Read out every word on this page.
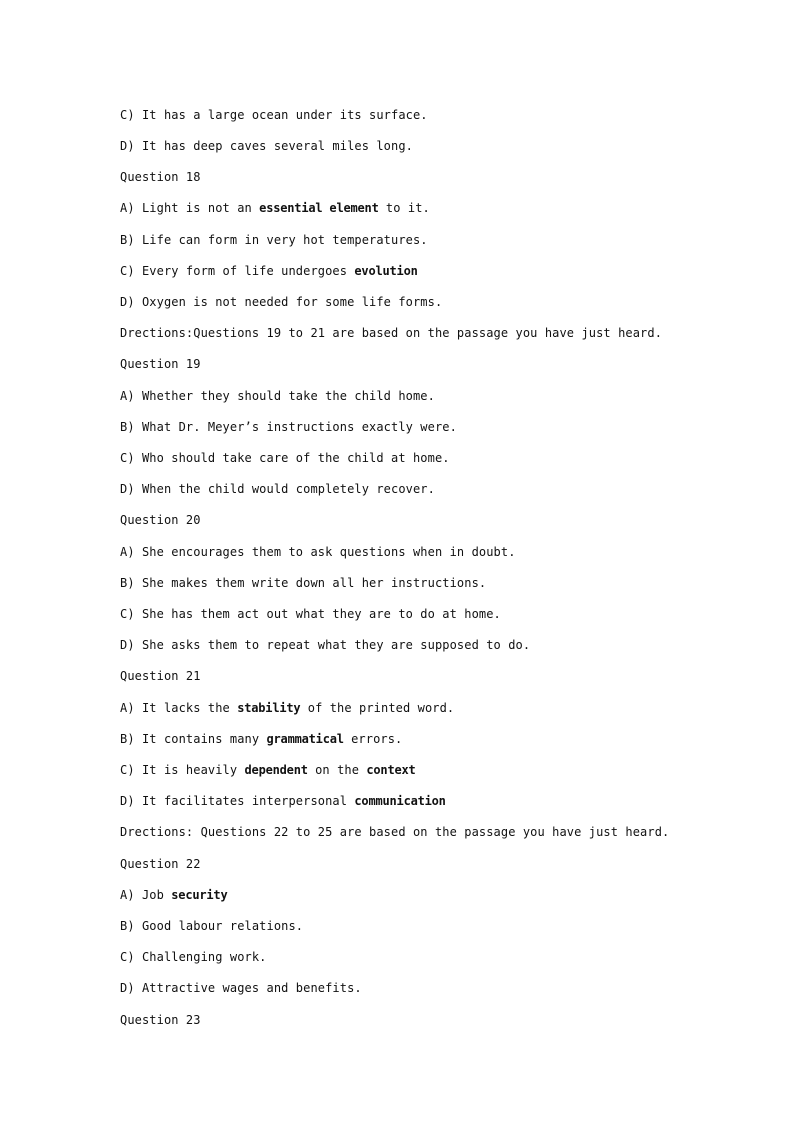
C) It has a large ocean under its surface.
D) It has deep caves several miles long.
Question 18
A) Light is not an essential element to it.
B) Life can form in very hot temperatures.
C) Every form of life undergoes evolution
D) Oxygen is not needed for some life forms.
Drections:Questions 19 to 21 are based on the passage you have just heard.
Question 19
A) Whether they should take the child home.
B) What Dr. Meyer’s instructions exactly were.
C) Who should take care of the child at home.
D) When the child would completely recover.
Question 20
A) She encourages them to ask questions when in doubt.
B) She makes them write down all her instructions.
C) She has them act out what they are to do at home.
D) She asks them to repeat what they are supposed to do.
Question 21
A) It lacks the stability of the printed word.
B) It contains many grammatical errors.
C) It is heavily dependent on the context
D) It facilitates interpersonal communication
Drections: Questions 22 to 25 are based on the passage you have just heard.
Question 22
A) Job security
B) Good labour relations.
C) Challenging work.
D) Attractive wages and benefits.
Question 23
